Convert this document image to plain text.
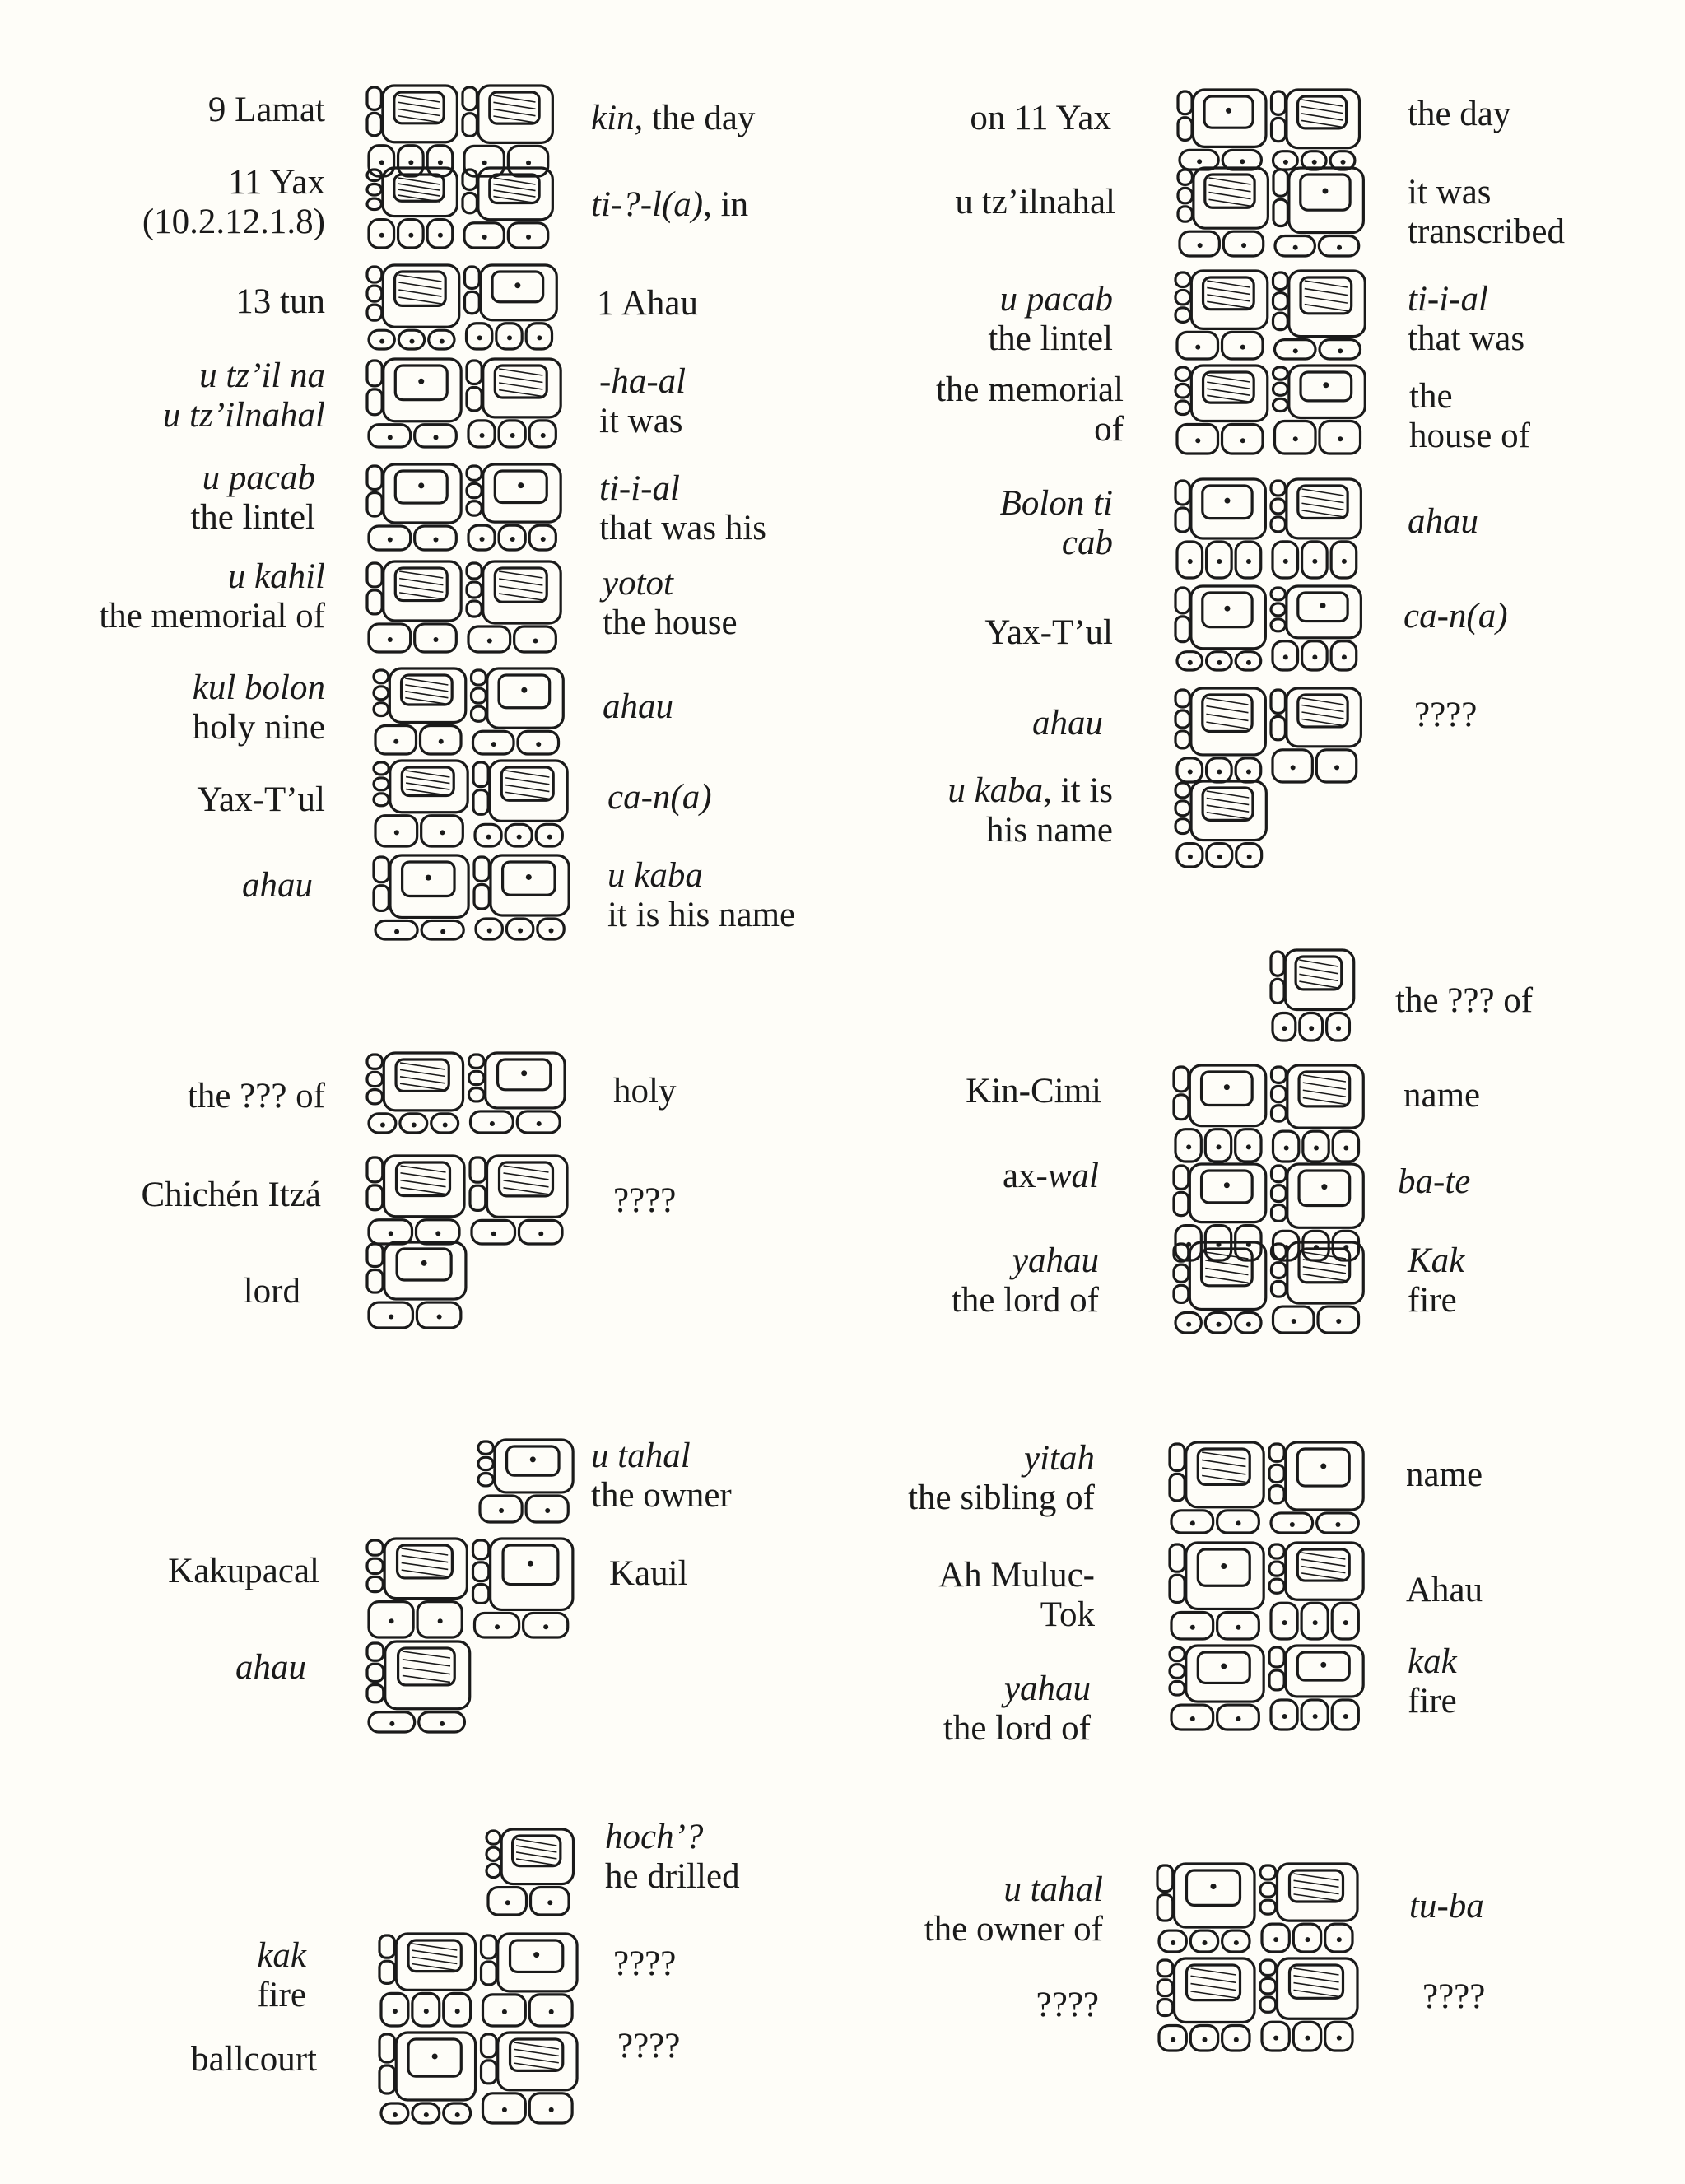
9 Lamat
11 Yax
(10.2.12.1.8)
13 tun
u tz’il na
u tz’ilnahal
u pacab
the lintel
u kahil
the memorial of
kul bolon
holy nine
Yax-T’ul
ahau
kin, the day
ti-?-l(a), in
1 Ahau
-ha-al
it was
ti-i-al
that was his
yotot
the house
ahau
ca-n(a)
u kaba
it is his name
on 11 Yax
u tz’ilnahal
u pacab
the lintel
the memorial
of
Bolon ti
cab
Yax-T’ul
ahau
u kaba, it is
his name
the day
it was
transcribed
ti-i-al
that was
the
house of
ahau
ca-n(a)
????
the ??? of
Chichén Itzá
lord
holy
????
Kin-Cimi
ax-wal
yahau
the lord of
the ??? of
name
ba-te
Kak
fire
Kakupacal
ahau
u tahal
the owner
Kauil
yitah
the sibling of
Ah Muluc-
Tok
yahau
the lord of
name
Ahau
kak
fire
kak
fire
ballcourt
hoch’?
he drilled
????
????
u tahal
the owner of
????
tu-ba
????
